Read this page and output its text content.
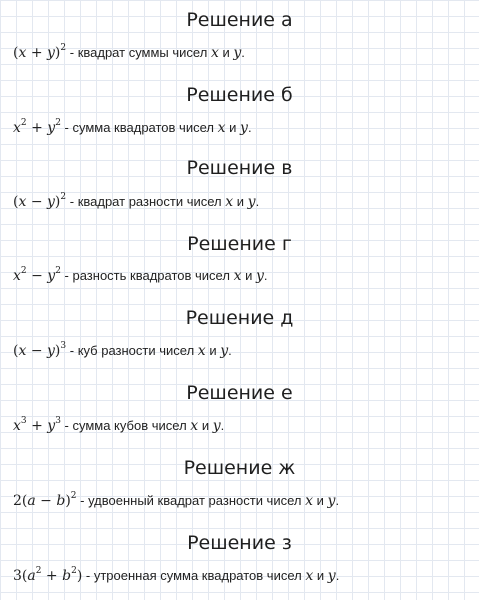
Решение а
$(x + y)^2$ - квадрат суммы чисел x и y.
Решение б
$x^2 + y^2$ - сумма квадратов чисел x и y.
Решение в
$(x - y)^2$ - квадрат разности чисел x и y.
Решение г
$x^2 - y^2$ - разность квадратов чисел x и y.
Решение д
$(x - y)^3$ - куб разности чисел x и y.
Решение е
$x^3 + y^3$ - сумма кубов чисел x и y.
Решение ж
$2(a - b)^2$ - удвоенный квадрат разности чисел x и y.
Решение з
$3(a^2 + b^2)$ - утроенная сумма квадратов чисел x и y.
